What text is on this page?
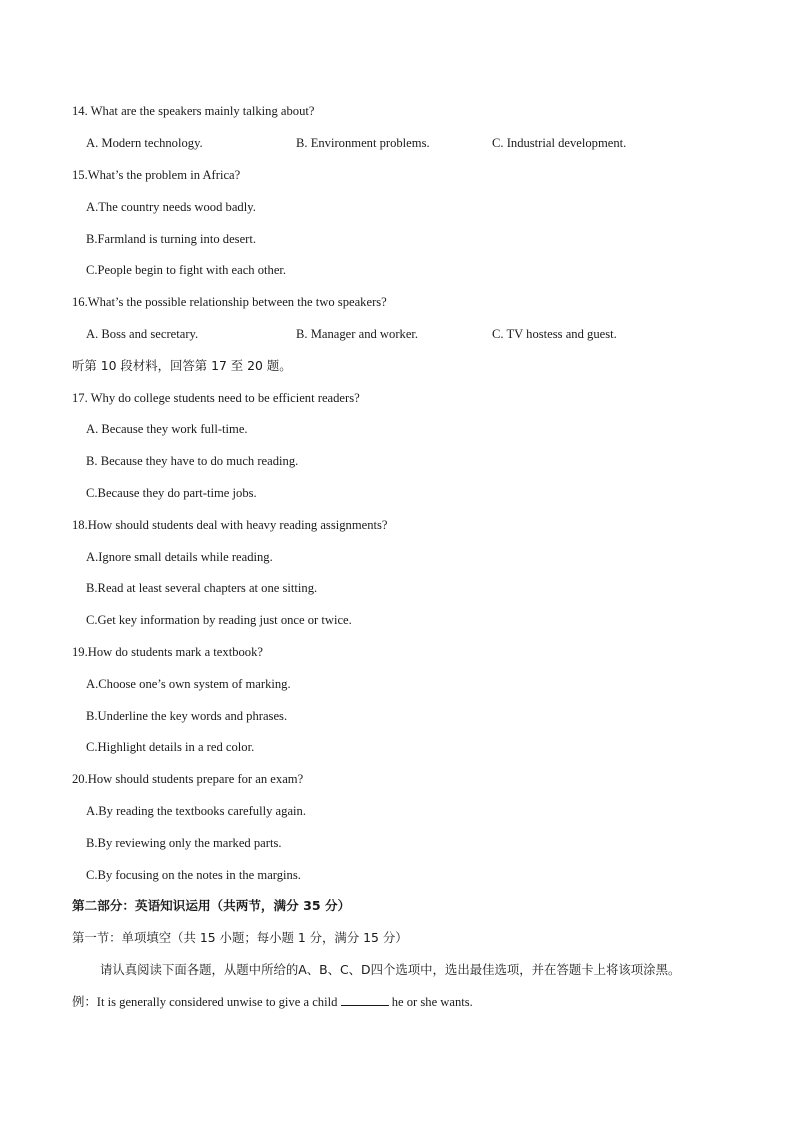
14. What are the speakers mainly talking about?
A. Modern technology.	B. Environment problems.	C. Industrial development.
15.What’s the problem in Africa?
A.The country needs wood badly.
B.Farmland is turning into desert.
C.People begin to fight with each other.
16.What’s the possible relationship between the two speakers?
A. Boss and secretary.	B. Manager and worker.	C. TV hostess and guest.
听第 10 段材料，回答第 17 至 20 题。
17. Why do college students need to be efficient readers?
A. Because they work full-time.
B. Because they have to do much reading.
C.Because they do part-time jobs.
18.How should students deal with heavy reading assignments?
A.Ignore small details while reading.
B.Read at least several chapters at one sitting.
C.Get key information by reading just once or twice.
19.How do students mark a textbook?
A.Choose one’s own system of marking.
B.Underline the key words and phrases.
C.Highlight details in a red color.
20.How should students prepare for an exam?
A.By reading the textbooks carefully again.
B.By reviewing only the marked parts.
C.By focusing on the notes in the margins.
第二部分：英语知识运用（共两节，满分 35 分）
第一节：单项填空（共 15 小题；每小题 1 分，满分 15 分）
请认真阅读下面各题，从题中所给的A、B、C、D四个选项中，选出最佳选项，并在答题卡上将该项涂黑。
例：It is generally considered unwise to give a child	he or she wants.
